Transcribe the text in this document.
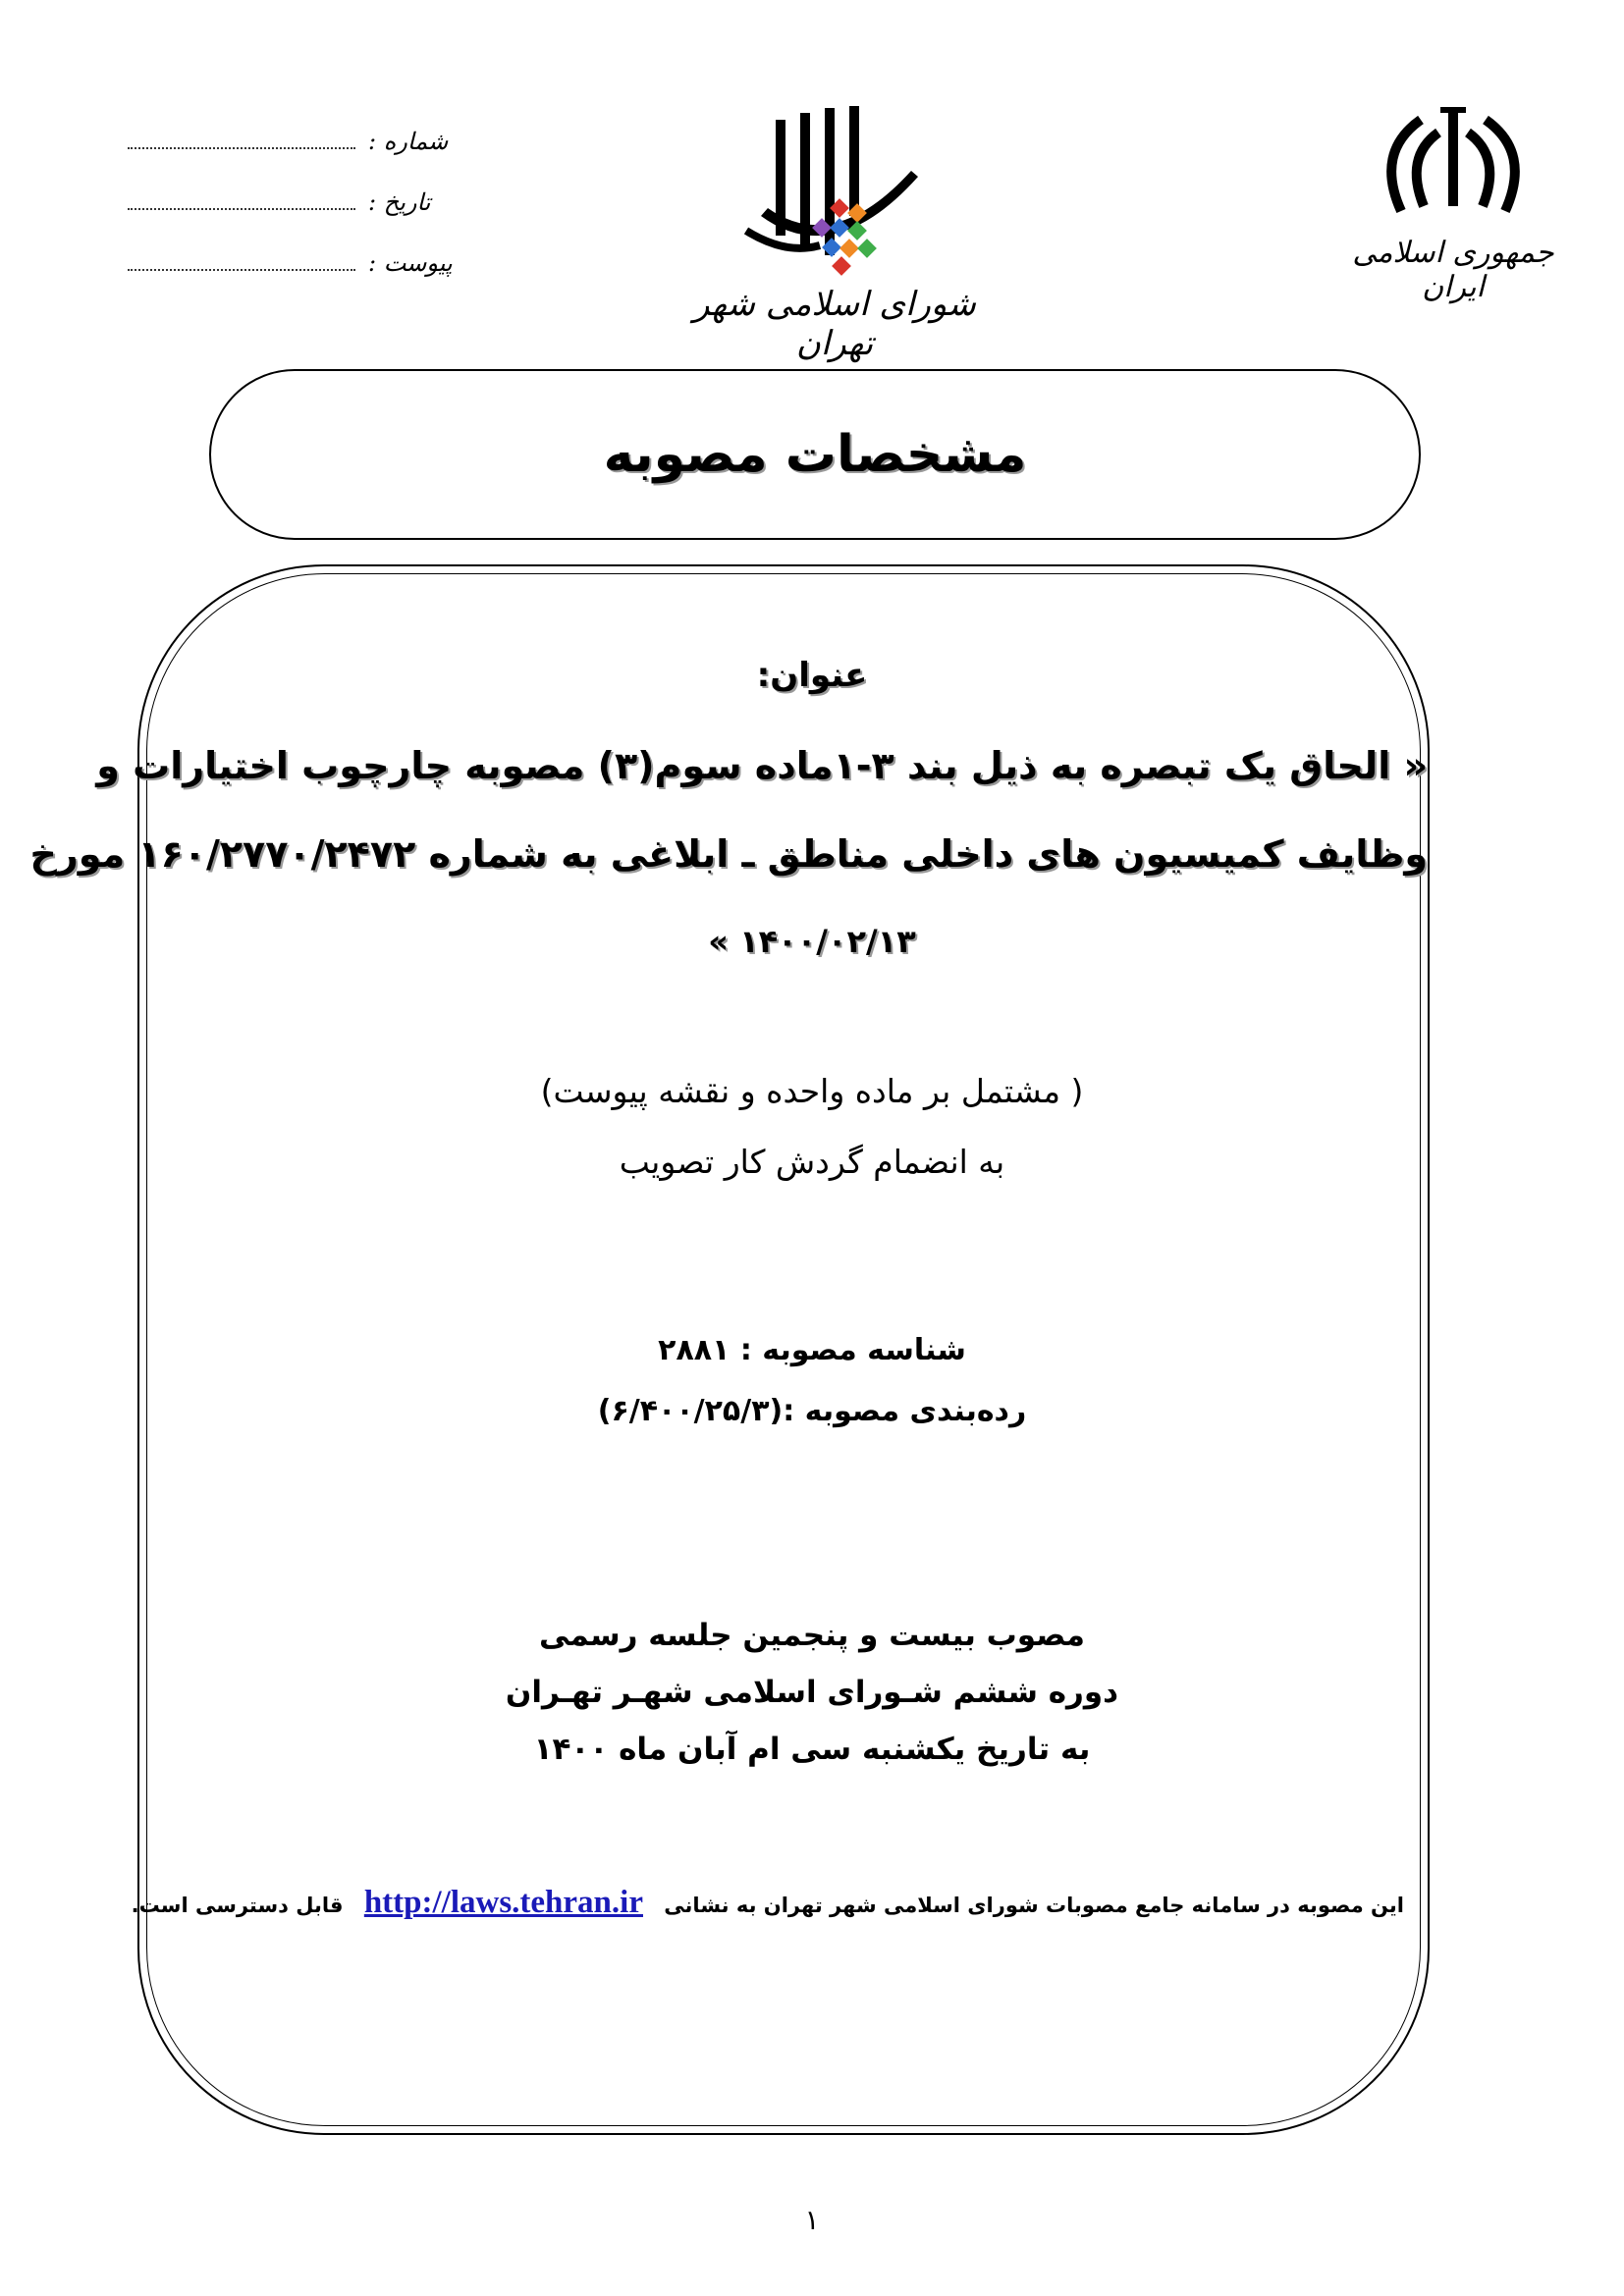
شماره :
تاریخ :
پیوست :
شورای اسلامی شهر تهران
جمهوری اسلامی ایران
مشخصات مصوبه
عنوان:
« الحاق یک تبصره به ذیل بند ۳-۱ماده سوم(۳) مصوبه چارچوب اختیارات و
وظایف کمیسیون های داخلی مناطق ـ ابلاغی به شماره ۱۶۰/۲۷۷۰/۲۴۷۲ مورخ
۱۴۰۰/۰۲/۱۳ »
( مشتمل بر ماده واحده و نقشه پیوست)
به انضمام گردش کار تصویب
شناسه مصوبه : ۲۸۸۱
رده‌بندی مصوبه :(۶/۴۰۰/۲۵/۳)
مصوب بیست و پنجمین جلسه رسمی
دوره ششم شـورای اسلامی شهـر تهـران
به تاریخ یکشنبه سی ام آبان ماه ۱۴۰۰
این مصوبه در سامانه جامع مصوبات شورای اسلامی شهر تهران به نشانی http://laws.tehran.ir قابل دسترسی است.
۱
